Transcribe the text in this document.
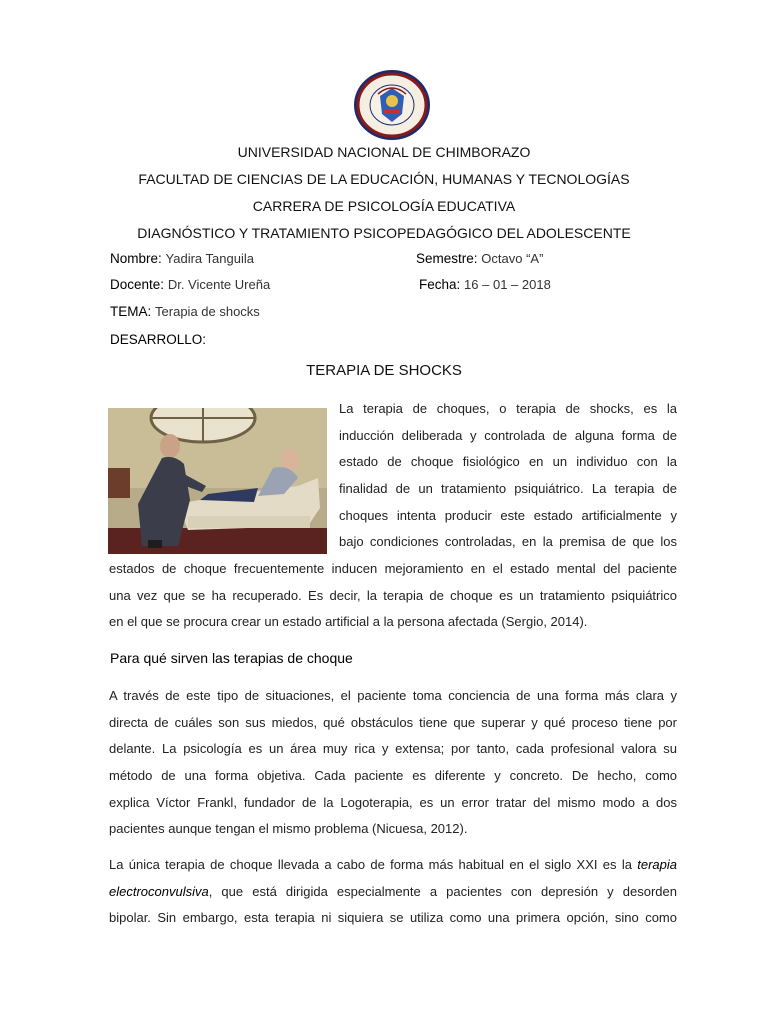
UNIVERSIDAD NACIONAL DE CHIMBORAZO
FACULTAD DE CIENCIAS DE LA EDUCACIÓN, HUMANAS Y TECNOLOGÍAS
CARRERA DE PSICOLOGÍA EDUCATIVA
DIAGNÓSTICO Y TRATAMIENTO PSICOPEDAGÓGICO DEL ADOLESCENTE
Nombre: Yadira Tanguila	Semestre: Octavo “A”
Docente: Dr. Vicente Ureña	Fecha: 16 – 01 – 2018
TEMA: Terapia de shocks
DESARROLLO:
TERAPIA DE SHOCKS
La terapia de choques, o terapia de shocks, es la
inducción deliberada y controlada de alguna forma de
estado de choque fisiológico en un individuo con la
finalidad de un tratamiento psiquiátrico. La terapia de
choques intenta producir este estado artificialmente y
bajo condiciones controladas, en la premisa de que los
estados de choque frecuentemente inducen mejoramiento en el estado mental del paciente
una vez que se ha recuperado. Es decir, la terapia de choque es un tratamiento psiquiátrico
en el que se procura crear un estado artificial a la persona afectada (Sergio, 2014).
Para qué sirven las terapias de choque
A través de este tipo de situaciones, el paciente toma conciencia de una forma más clara y
directa de cuáles son sus miedos, qué obstáculos tiene que superar y qué proceso tiene por
delante. La psicología es un área muy rica y extensa; por tanto, cada profesional valora su
método de una forma objetiva. Cada paciente es diferente y concreto. De hecho, como
explica Víctor Frankl, fundador de la Logoterapia, es un error tratar del mismo modo a dos
pacientes aunque tengan el mismo problema (Nicuesa, 2012).
La única terapia de choque llevada a cabo de forma más habitual en el siglo XXI es la terapia
electroconvulsiva, que está dirigida especialmente a pacientes con depresión y desorden
bipolar. Sin embargo, esta terapia ni siquiera se utiliza como una primera opción, sino como
